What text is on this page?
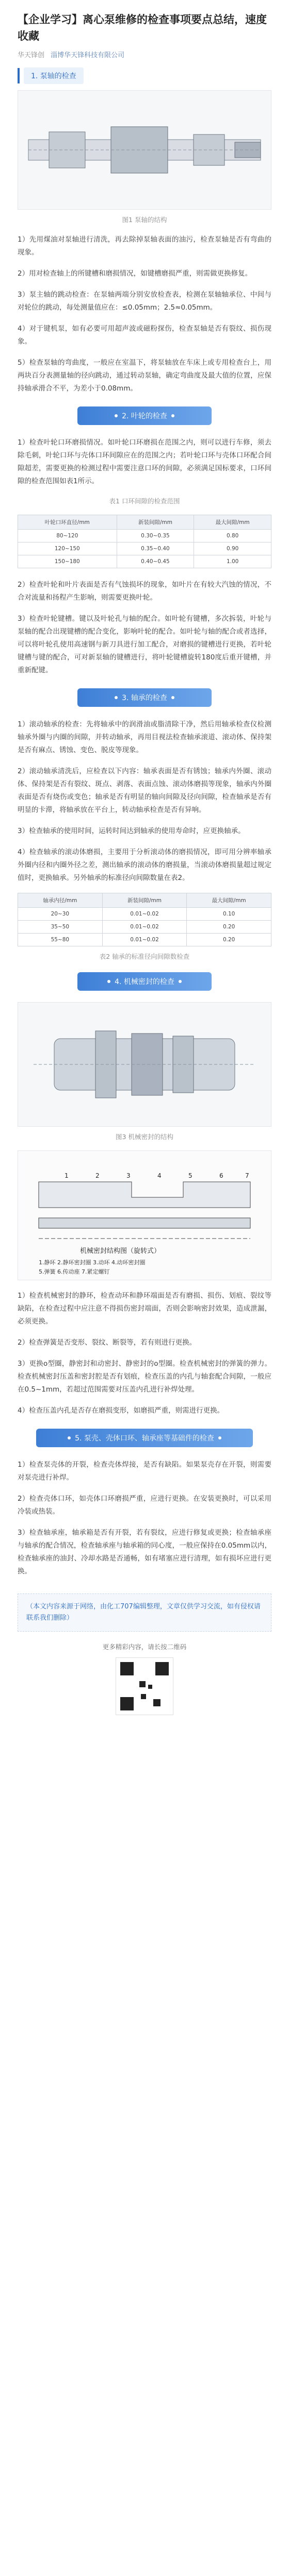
【企业学习】离心泵维修的检查事项要点总结，速度收藏
华天锋创 淄博华天锋科技有限公司
1. 泵轴的检查
图1 泵轴的结构

1）先用煤油对泵轴进行清洗，再去除掉泵轴表面的油污，检查泵轴是否有弯曲的现象。

2）用对检查轴上的所键槽和磨损情况，如键槽磨损严重，则需做更换修复。

3）泵主轴的跳动检查：在泵轴两端分别安放检查表，检测在泵轴轴承位、中间与对轮位的跳动，每处测量值应在：≤0.05mm；2.5≈0.05mm。

4）对于键机泵，如有必要可用超声波或磁粉探伤，检查泵轴是否有裂纹、损伤现象。

5）检查泵轴的弯曲度，一般应在室温下，将泵轴放在车床上或专用检查台上，用两块百分表测量轴的径向跳动，通过转动泵轴，确定弯曲度及最大值的位置，应保持轴承滑合不平，为差小于0.08mm。

2. 叶轮的检查

1）检查叶轮口环磨损情况。如叶轮口环磨损在范围之内，则可以进行车修，须去除毛刺，叶轮口环与壳体口环间隙应在的范围之内；若叶轮口环与壳体口环配合间隙超差，需要更换的检测过程中需要注意口环的间隙，必须满足国标要求，口环间隙的检查范围如表1所示。

表1 口环间隙的检查范围
叶轮口环直径/mm	新装间隙/mm	最大间隙/mm
80~120	0.30~0.35	0.80
120~150	0.35~0.40	0.90
150~180	0.40~0.45	1.00

2）检查叶轮和叶片表面是否有气蚀损坏的现象，如叶片在有较大汽蚀的情况，不合对流量和扬程产生影响，则需要更换叶轮。

3）检查叶轮键槽。键以及叶轮孔与轴的配合。如叶轮有键槽，多次拆装，叶轮与泵轴的配合出现键槽的配合变化，影响叶轮的配合。如叶轮与轴的配合或者选择，可以将叶轮孔使用高速钢与新刀具进行加工配合，对磨损的键槽进行更换，若叶轮键槽与键的配合，可对新泵轴的键槽进行，将叶轮键槽旋转180度后重开键槽，并重新配键。

3. 轴承的检查

1）滚动轴承的检查：先将轴承中的润滑油或脂清除干净，然后用轴承检查仪检测轴承外圈与内圈的间隙，并转动轴承，再用目视法检查轴承滚道、滚动体、保持架是否有麻点、锈蚀、变色、脱皮等现象。

2）滚动轴承清洗后，应检查以下内容：轴承表面是否有锈蚀；轴承内外圈、滚动体、保持架是否有裂纹、斑点、剥落、表面点蚀、滚动体磨损等现象，轴承内外圈表面是否有烧伤或变色；轴承是否有明显的轴向间隙及径向间隙，检查轴承是否有明显的卡滞，将轴承放在平台上，转动轴承检查是否有异响。

3）检查轴承的使用时间，运转时间达到轴承的使用寿命时，应更换轴承。

4）检查轴承的滚动体磨损，主要用于分析滚动体的磨损情况，即可用分辨率轴承外圈内径和内圈外径之差，测出轴承的滚动体的磨损量，当滚动体磨损量超过规定值时，更换轴承。另外轴承的标准径向间隙数量在表2。

轴承内径/mm	新装间隙/mm	最大间隙/mm
20~30	0.01~0.02	0.10
35~50	0.01~0.02	0.20
55~80	0.01~0.02	0.20
表2 轴承的标准径向间隙数检查
4. 机械密封的检查
图3 机械密封的结构
1	2	3	4	5	6	7
机械密封结构图（旋转式）
1.静环 2.静环密封圈 3.动环 4.动环密封圈
5.弹簧 6.传动座 7.紧定螺钉

1）检查机械密封的静环，检查动环和静环端面是否有磨损、损伤、划痕、裂纹等缺陷，在检查过程中应注意不得损伤密封端面，否则会影响密封效果，造成泄漏，必须更换。

2）检查弹簧是否变形、裂纹、断裂等，若有则进行更换。

3）更换o型圈，静密封和动密封、静密封的o型圈。检查机械密封的弹簧的弹力。检查机械密封压盖和密封腔是否有划痕，检查压盖的内孔与轴套配合间隙，一般应在0.5~1mm，若超过范围需要对压盖内孔进行补焊处理。

4）检查压盖内孔是否存在磨损变形，如磨损严重，则需进行更换。

5. 泵壳、壳体口环、轴承座等基础件的检查

1）检查泵壳体的开裂，检查壳体焊接，是否有缺陷。如果泵壳存在开裂，则需要对泵壳进行补焊。

2）检查壳体口环，如壳体口环磨损严重，应进行更换。在安装更换时，可以采用冷装或热装。

3）检查轴承座，轴承箱是否有开裂，若有裂纹，应进行修复或更换；检查轴承座与轴承的配合情况，检查轴承座与轴承箱的同心度，一般应保持在0.05mm以内，检查轴承座的油封、冷却水路是否通畅，如有堵塞应进行清理，如有损坏应进行更换。

（本文内容来源于网络，由化工707编辑整理，文章仅供学习交流，如有侵权请联系我们删除）
更多精彩内容，请长按二维码
